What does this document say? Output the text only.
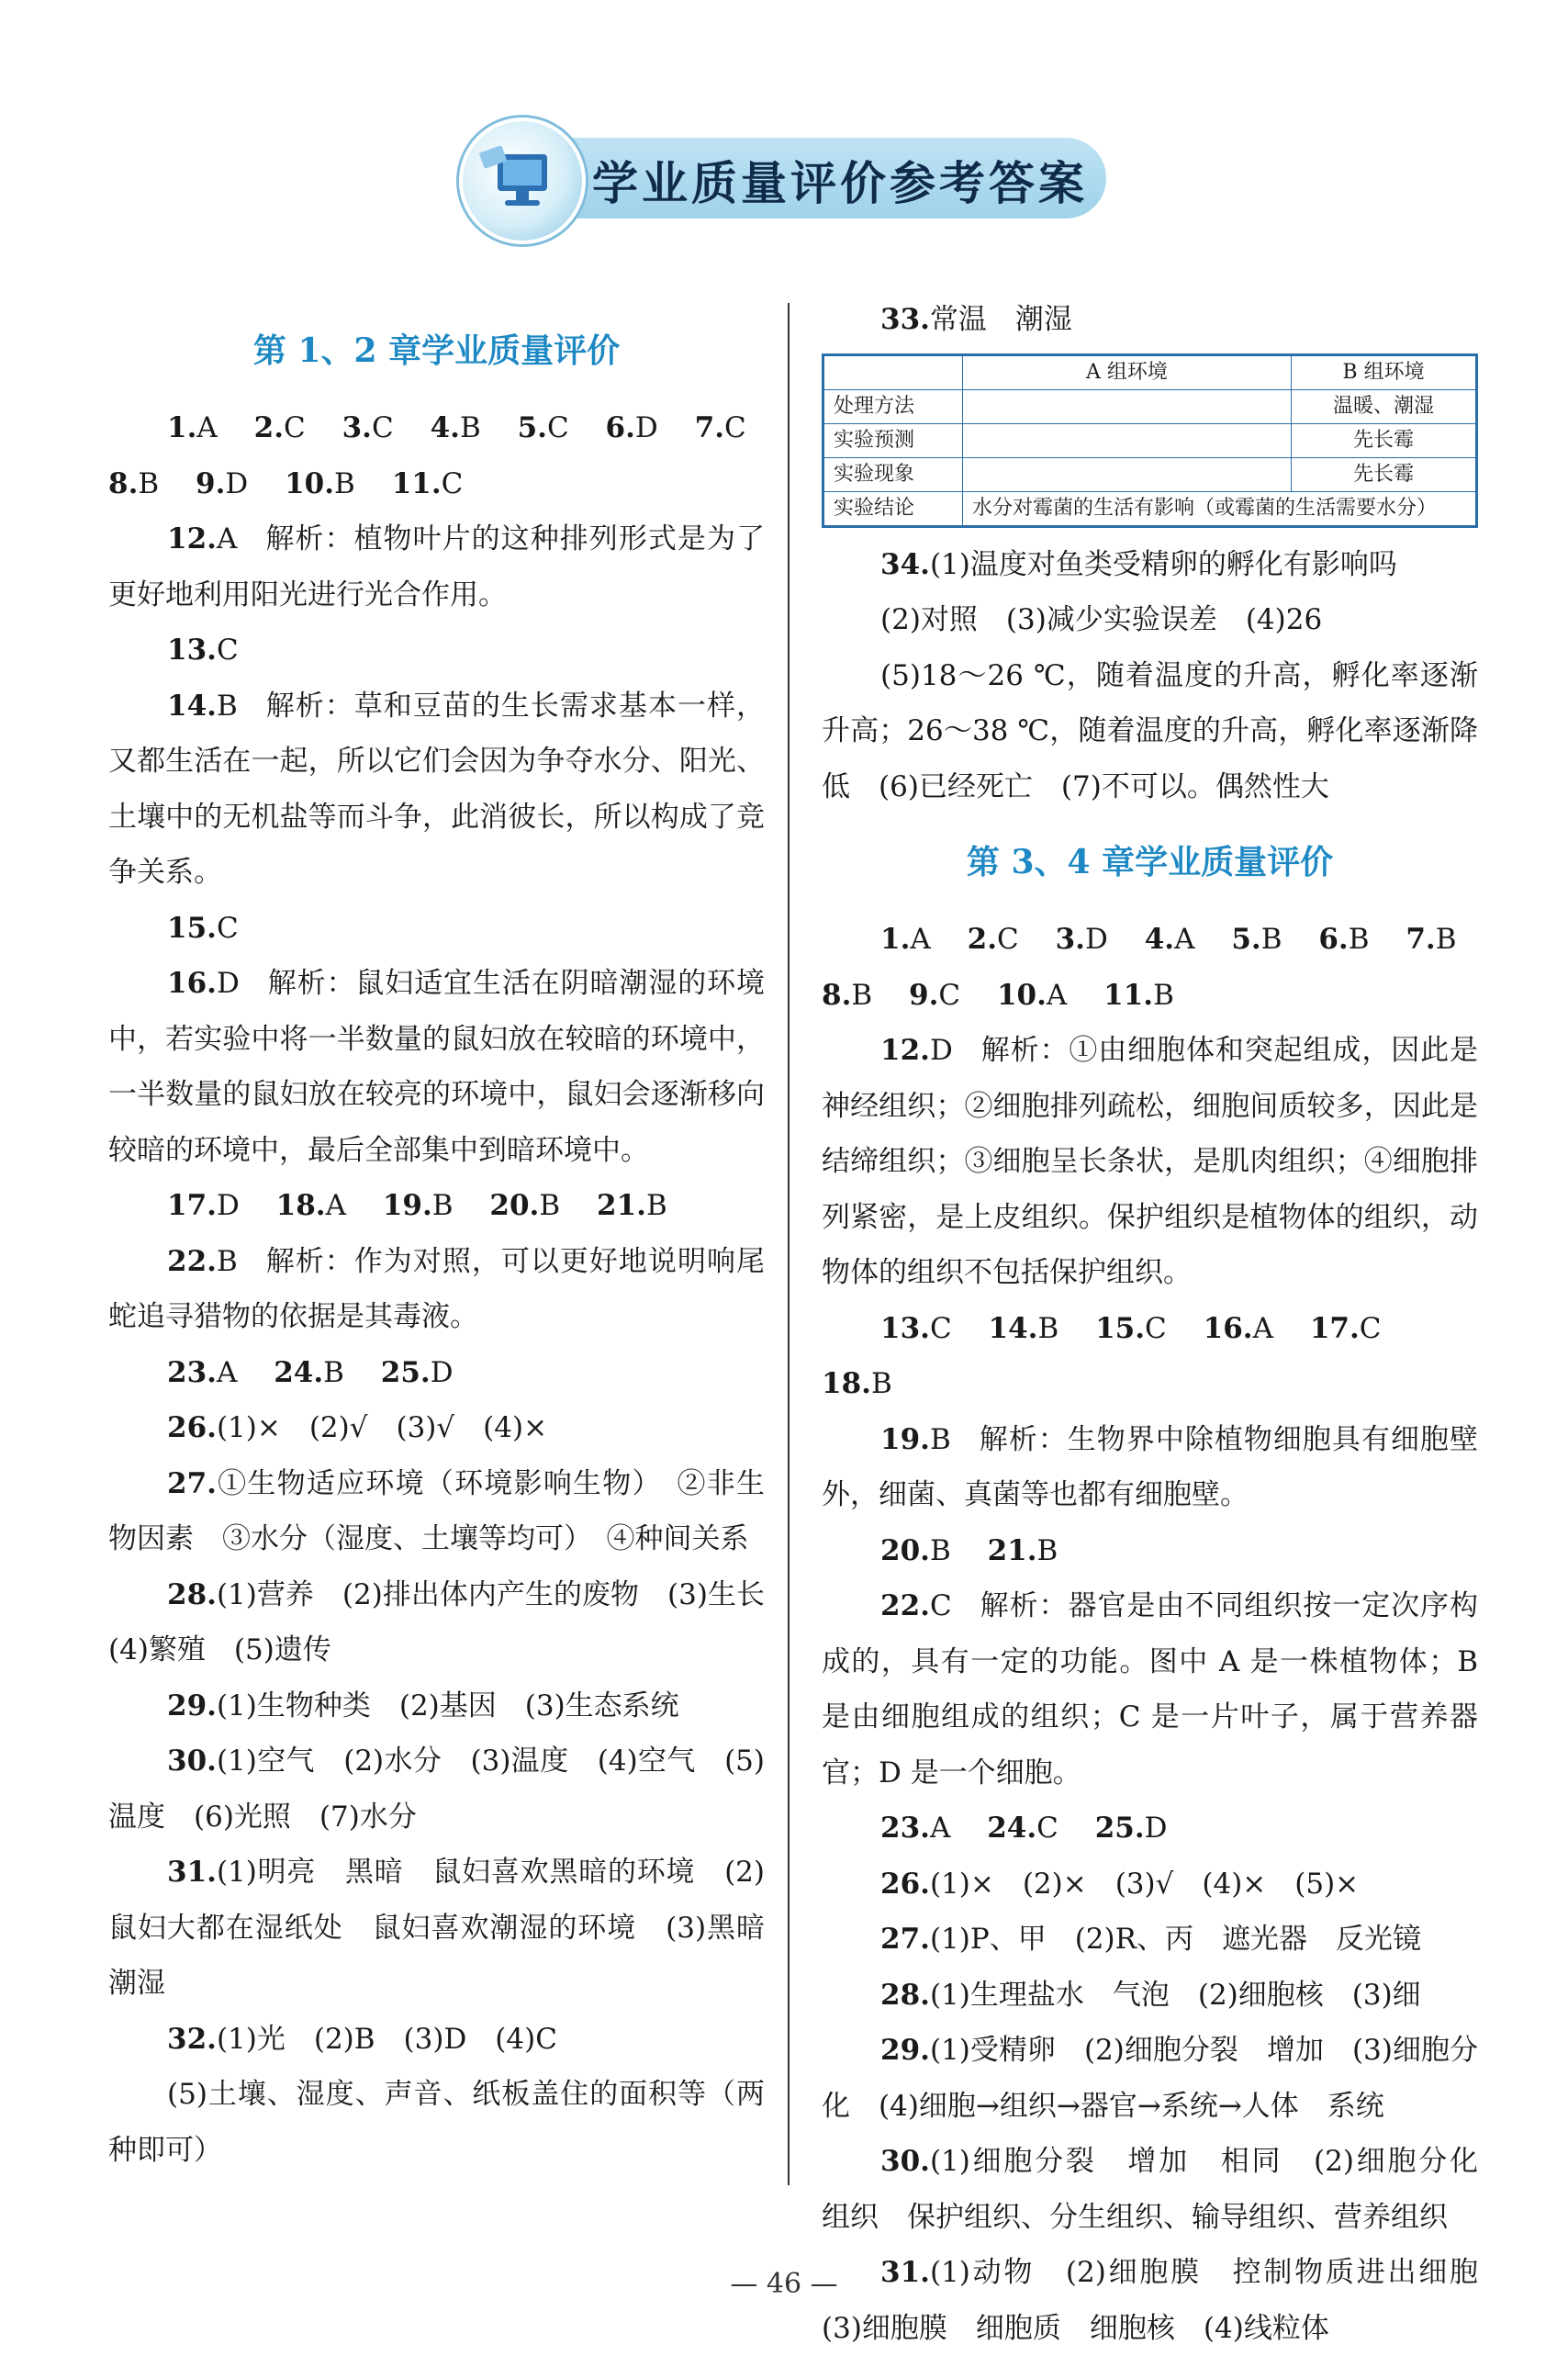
学业质量评价参考答案
第 1、2 章学业质量评价

1.A 2.C 3.C 4.B 5.C 6.D 7.C

8.B 9.D 10.B 11.C

12.A 解析：植物叶片的这种排列形式是为了更好地利用阳光进行光合作用。

13.C

14.B 解析：草和豆苗的生长需求基本一样，又都生活在一起，所以它们会因为争夺水分、阳光、土壤中的无机盐等而斗争，此消彼长，所以构成了竞争关系。

15.C

16.D 解析：鼠妇适宜生活在阴暗潮湿的环境中，若实验中将一半数量的鼠妇放在较暗的环境中，一半数量的鼠妇放在较亮的环境中，鼠妇会逐渐移向较暗的环境中，最后全部集中到暗环境中。

17.D 18.A 19.B 20.B 21.B

22.B 解析：作为对照，可以更好地说明响尾蛇追寻猎物的依据是其毒液。

23.A 24.B 25.D

26.(1)×　(2)√　(3)√　(4)×

27.①生物适应环境（环境影响生物）　②非生物因素　③水分（湿度、土壤等均可）　④种间关系

28.(1)营养　(2)排出体内产生的废物　(3)生长　(4)繁殖　(5)遗传

29.(1)生物种类　(2)基因　(3)生态系统

30.(1)空气　(2)水分　(3)温度　(4)空气　(5)温度　(6)光照　(7)水分

31.(1)明亮　黑暗　鼠妇喜欢黑暗的环境　(2)鼠妇大都在湿纸处　鼠妇喜欢潮湿的环境　(3)黑暗潮湿

32.(1)光　(2)B　(3)D　(4)C

(5)土壤、湿度、声音、纸板盖住的面积等（两种即可）

33.常温　潮湿

	A 组环境	B 组环境
处理方法		温暖、潮湿
实验预测		先长霉
实验现象		先长霉
实验结论	水分对霉菌的生活有影响（或霉菌的生活需要水分）	

34.(1)温度对鱼类受精卵的孵化有影响吗

(2)对照　(3)减少实验误差　(4)26

(5)18～26 ℃，随着温度的升高，孵化率逐渐升高；26～38 ℃，随着温度的升高，孵化率逐渐降低　(6)已经死亡　(7)不可以。偶然性大

第 3、4 章学业质量评价

1.A 2.C 3.D 4.A 5.B 6.B 7.B

8.B 9.C 10.A 11.B

12.D 解析：①由细胞体和突起组成，因此是神经组织；②细胞排列疏松，细胞间质较多，因此是结缔组织；③细胞呈长条状，是肌肉组织；④细胞排列紧密，是上皮组织。保护组织是植物体的组织，动物体的组织不包括保护组织。

13.C 14.B 15.C 16.A 17.C 18.B

19.B 解析：生物界中除植物细胞具有细胞壁外，细菌、真菌等也都有细胞壁。

20.B 21.B

22.C 解析：器官是由不同组织按一定次序构成的，具有一定的功能。图中 A 是一株植物体；B 是由细胞组成的组织；C 是一片叶子，属于营养器官；D 是一个细胞。

23.A 24.C 25.D

26.(1)×　(2)×　(3)√　(4)×　(5)×

27.(1)P、甲　(2)R、丙　遮光器　反光镜

28.(1)生理盐水　气泡　(2)细胞核　(3)细

29.(1)受精卵　(2)细胞分裂　增加　(3)细胞分化　(4)细胞→组织→器官→系统→人体　系统

30.(1)细胞分裂　增加　相同　(2)细胞分化　组织　保护组织、分生组织、输导组织、营养组织

31.(1)动物　(2)细胞膜　控制物质进出细胞　(3)细胞膜　细胞质　细胞核　(4)线粒体

— 46 —
